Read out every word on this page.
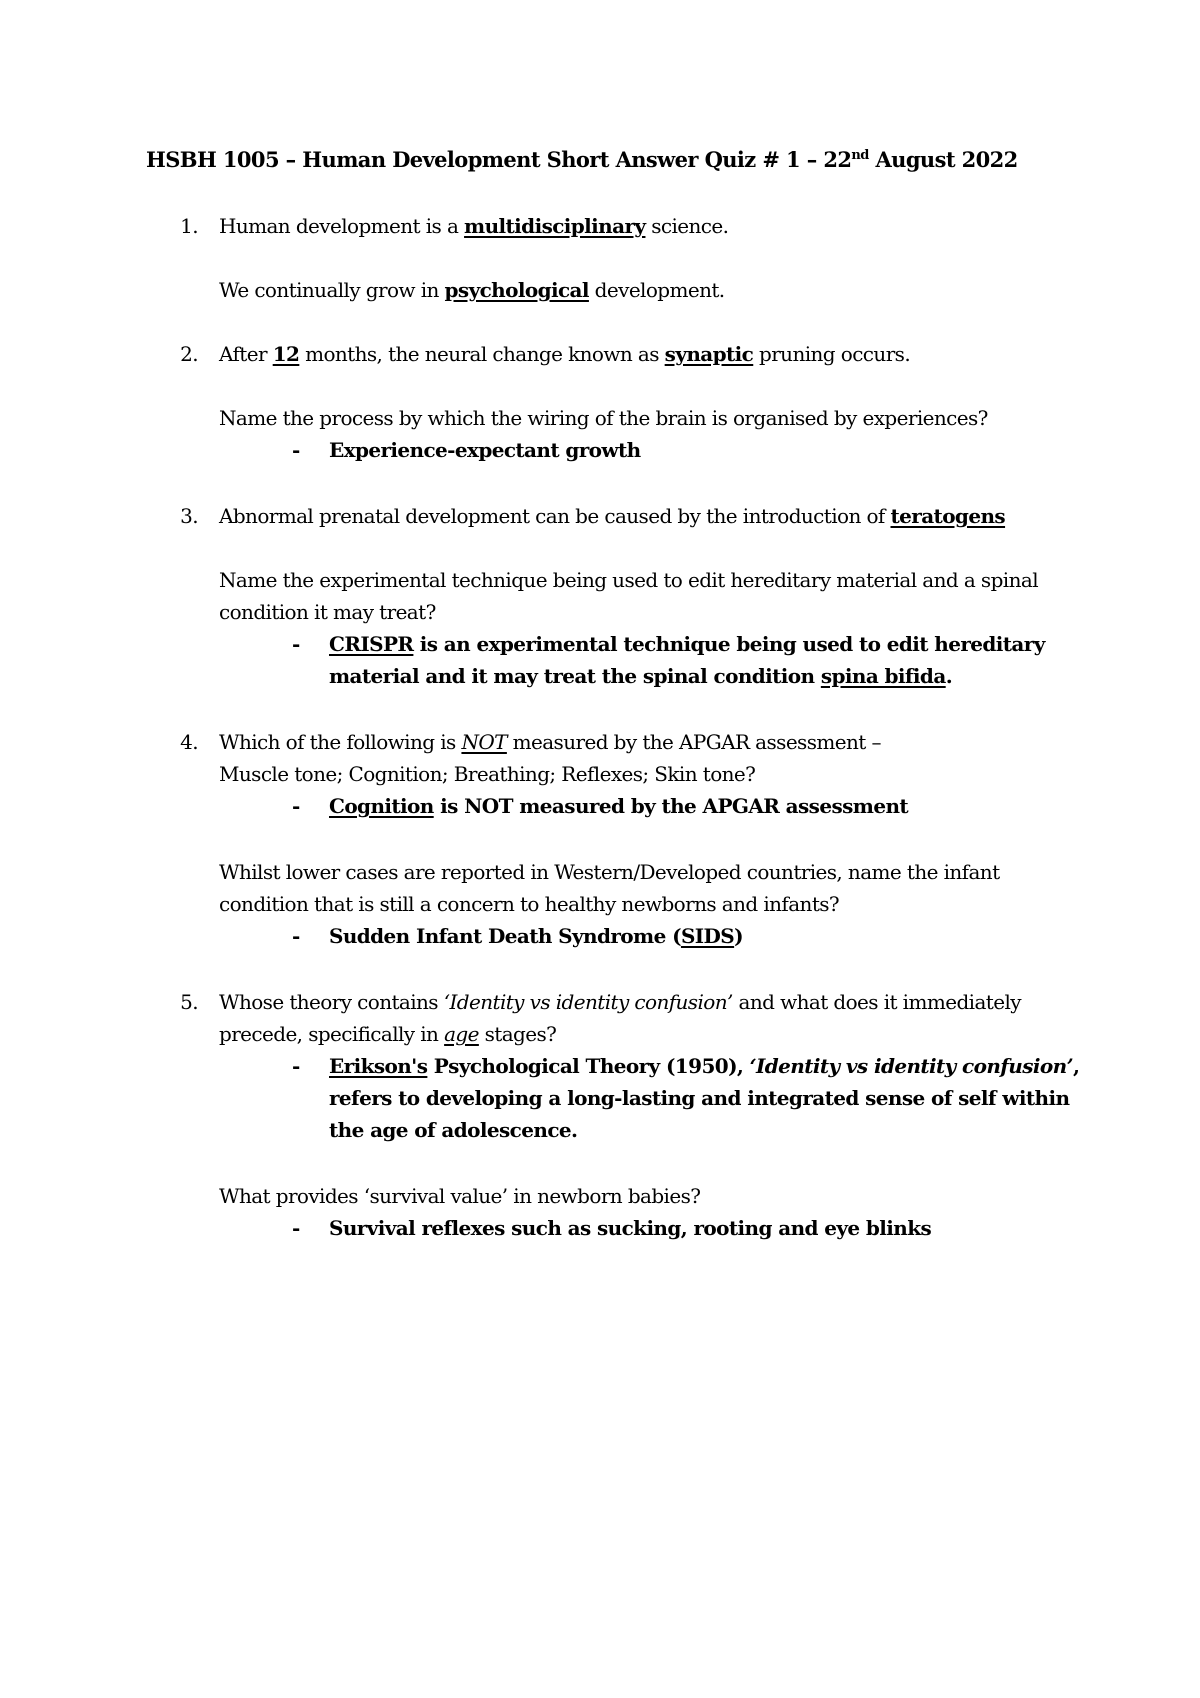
HSBH 1005 – Human Development Short Answer Quiz # 1 – 22nd August 2022
1. Human development is a multidisciplinary science.
We continually grow in psychological development.
2. After 12 months, the neural change known as synaptic pruning occurs.
Name the process by which the wiring of the brain is organised by experiences?
- Experience-expectant growth
3. Abnormal prenatal development can be caused by the introduction of teratogens
Name the experimental technique being used to edit hereditary material and a spinal
condition it may treat?
- CRISPR is an experimental technique being used to edit hereditary
material and it may treat the spinal condition spina bifida.
4. Which of the following is NOT measured by the APGAR assessment –
Muscle tone; Cognition; Breathing; Reflexes; Skin tone?
- Cognition is NOT measured by the APGAR assessment
Whilst lower cases are reported in Western/Developed countries, name the infant
condition that is still a concern to healthy newborns and infants?
- Sudden Infant Death Syndrome (SIDS)
5. Whose theory contains ‘Identity vs identity confusion’ and what does it immediately
precede, specifically in age stages?
- Erikson's Psychological Theory (1950), ‘Identity vs identity confusion’,
refers to developing a long-lasting and integrated sense of self within
the age of adolescence.
What provides ‘survival value’ in newborn babies?
- Survival reflexes such as sucking, rooting and eye blinks
